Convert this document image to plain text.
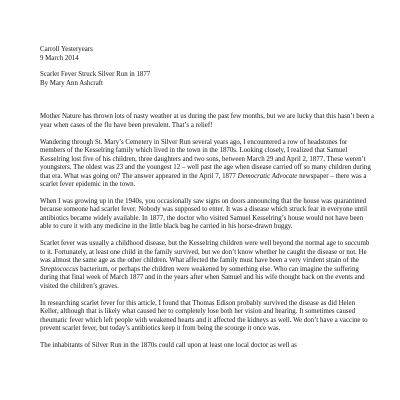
Carroll Yesteryears
9 March 2014
Scarlet Fever Struck Silver Run in 1877
By Mary Ann Ashcraft

Mother Nature has thrown lots of nasty weather at us during the past few months, but we are lucky that this hasn’t been a year when cases of the flu have been prevalent. That’s a relief!

Wandering through St. Mary’s Cemetery in Silver Run several years ago, I encountered a row of headstones for members of the Kesselring family which lived in the town in the 1870s. Looking closely, I realized that Samuel Kesselring lost five of his children, three daughters and two sons, between March 29 and April 2, 1877. These weren’t youngsters. The oldest was 23 and the youngest 12 – well past the age when disease carried off so many children during that era. What was going on? The answer appeared in the April 7, 1877 Democratic Advocate newspaper – there was a scarlet fever epidemic in the town.

When I was growing up in the 1940s, you occasionally saw signs on doors announcing that the house was quarantined because someone had scarlet fever. Nobody was supposed to enter. It was a disease which struck fear in everyone until antibiotics became widely available. In 1877, the doctor who visited Samuel Kesselring’s house would not have been able to cure it with any medicine in the little black bag he carried in his horse-drawn buggy.

Scarlet fever was usually a childhood disease, but the Kesselring children were well beyond the normal age to succumb to it. Fortunately, at least one child in the family survived, but we don’t know whether he caught the disease or not. He was almost the same age as the other children. What affected the family must have been a very virulent strain of the Streptococcus bacterium, or perhaps the children were weakened by something else. Who can imagine the suffering during that final week of March 1877 and in the years after when Samuel and his wife thought back on the events and visited the children’s graves.

In researching scarlet fever for this article, I found that Thomas Edison probably survived the disease as did Helen Keller, although that is likely what caused her to completely lose both her vision and hearing. It sometimes caused rheumatic fever which left people with weakened hearts and it affected the kidneys as well. We don’t have a vaccine to prevent scarlet fever, but today’s antibiotics keep it from being the scourge it once was.

The inhabitants of Silver Run in the 1870s could call upon at least one local doctor as well as
